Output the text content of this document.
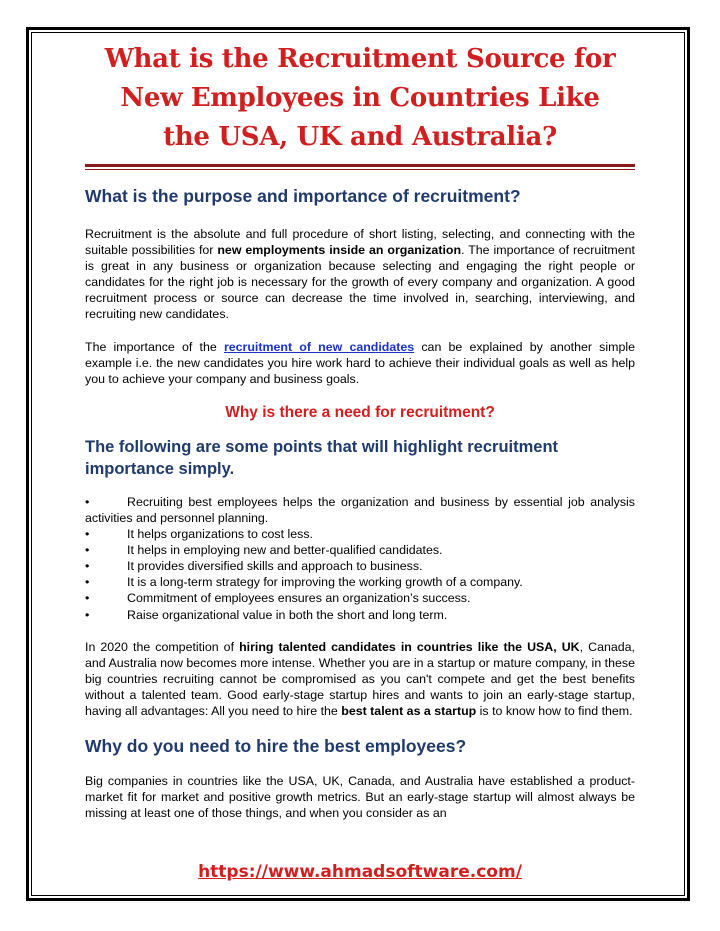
What is the Recruitment Source for
New Employees in Countries Like
the USA, UK and Australia?
What is the purpose and importance of recruitment?

Recruitment is the absolute and full procedure of short listing, selecting, and connecting with the suitable possibilities for new employments inside an organization. The importance of recruitment is great in any business or organization because selecting and engaging the right people or candidates for the right job is necessary for the growth of every company and organization. A good recruitment process or source can decrease the time involved in, searching, interviewing, and recruiting new candidates.

The importance of the recruitment of new candidates can be explained by another simple example i.e. the new candidates you hire work hard to achieve their individual goals as well as help you to achieve your company and business goals.

Why is there a need for recruitment?
The following are some points that will highlight recruitment importance simply.
•	Recruiting best employees helps the organization and business by essential job analysis activities and personnel planning.
•	It helps organizations to cost less.
•	It helps in employing new and better-qualified candidates.
•	It provides diversified skills and approach to business.
•	It is a long-term strategy for improving the working growth of a company.
•	Commitment of employees ensures an organization’s success.
•	Raise organizational value in both the short and long term.

In 2020 the competition of hiring talented candidates in countries like the USA, UK, Canada, and Australia now becomes more intense. Whether you are in a startup or mature company, in these big countries recruiting cannot be compromised as you can't compete and get the best benefits without a talented team. Good early-stage startup hires and wants to join an early-stage startup, having all advantages: All you need to hire the best talent as a startup is to know how to find them.

Why do you need to hire the best employees?

Big companies in countries like the USA, UK, Canada, and Australia have established a product-market fit for market and positive growth metrics. But an early-stage startup will almost always be missing at least one of those things, and when you consider as an

https://www.ahmadsoftware.com/
